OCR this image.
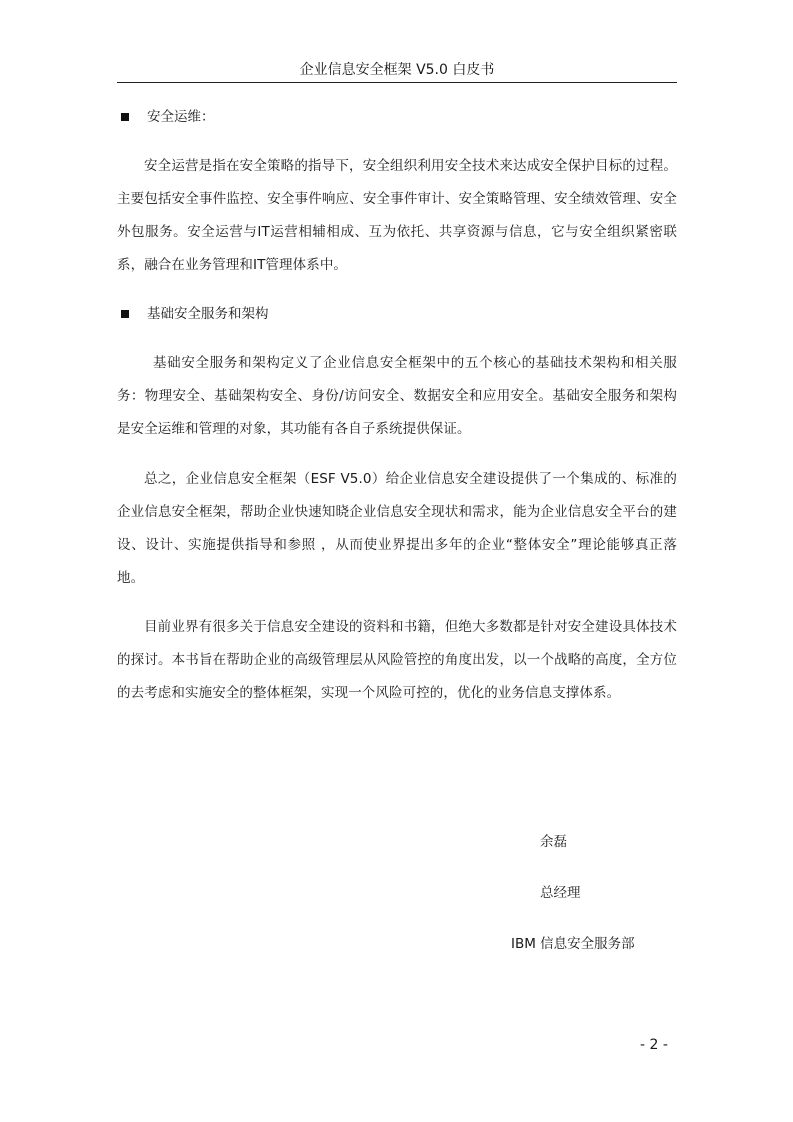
企业信息安全框架 V5.0 白皮书
安全运维：
安全运营是指在安全策略的指导下，安全组织利用安全技术来达成安全保护目标的过程。主要包括安全事件监控、安全事件响应、安全事件审计、安全策略管理、安全绩效管理、安全外包服务。安全运营与IT运营相辅相成、互为依托、共享资源与信息，它与安全组织紧密联系，融合在业务管理和IT管理体系中。
基础安全服务和架构
基础安全服务和架构定义了企业信息安全框架中的五个核心的基础技术架构和相关服务：物理安全、基础架构安全、身份/访问安全、数据安全和应用安全。基础安全服务和架构是安全运维和管理的对象，其功能有各自子系统提供保证。
总之，企业信息安全框架（ESF V5.0）给企业信息安全建设提供了一个集成的、标准的企业信息安全框架，帮助企业快速知晓企业信息安全现状和需求，能为企业信息安全平台的建设、设计、实施提供指导和参照 ，从而使业界提出多年的企业“整体安全”理论能够真正落地。
目前业界有很多关于信息安全建设的资料和书籍，但绝大多数都是针对安全建设具体技术的探讨。本书旨在帮助企业的高级管理层从风险管控的角度出发，以一个战略的高度，全方位的去考虑和实施安全的整体框架，实现一个风险可控的，优化的业务信息支撑体系。
余磊
总经理
IBM 信息安全服务部
- 2 -
